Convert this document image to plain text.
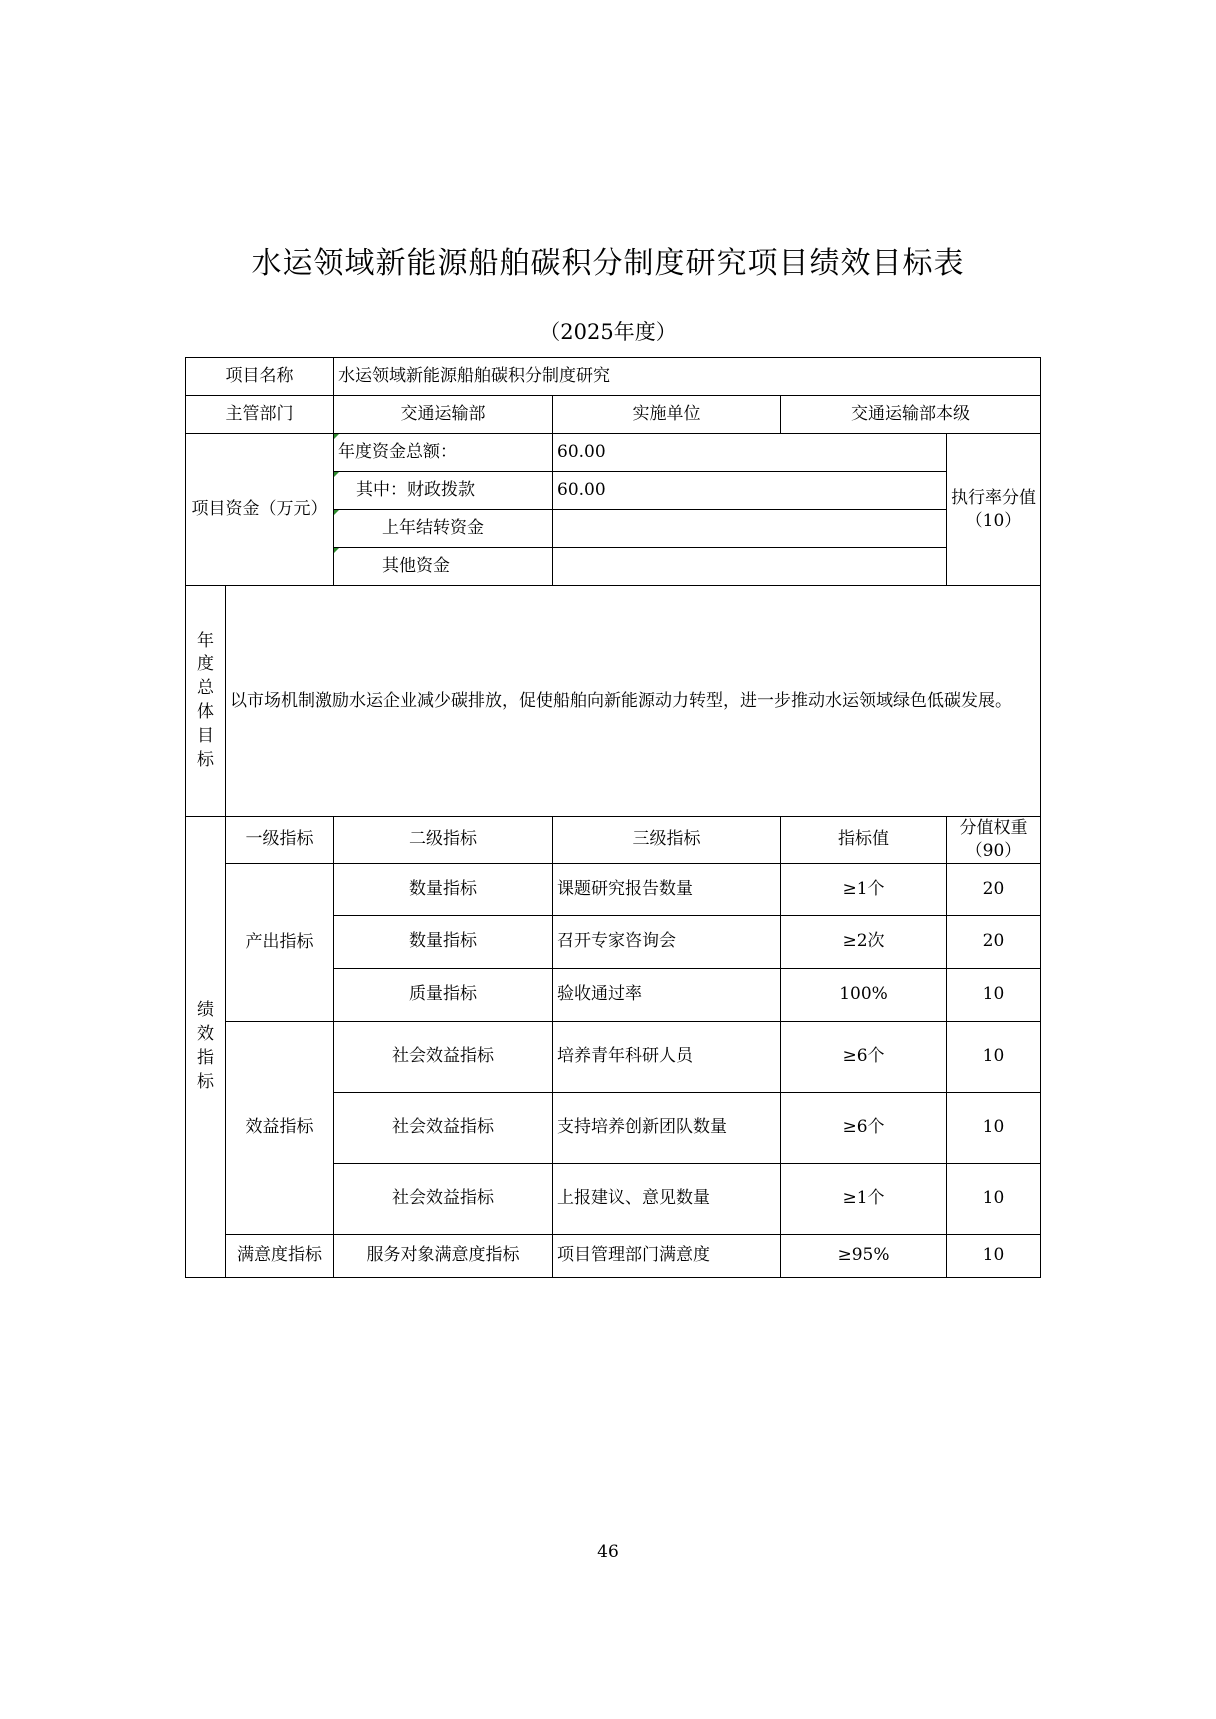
水运领域新能源船舶碳积分制度研究项目绩效目标表
（2025年度）
项目名称		水运领域新能源船舶碳积分制度研究			
主管部门		交通运输部	实施单位	交通运输部本级	
项目资金（万元）		年度资金总额：	60.00		执行率分值（10）
		其中：财政拨款	60.00		
		上年结转资金			
		其他资金			
年度总体目标	以市场机制激励水运企业减少碳排放，促使船舶向新能源动力转型，进一步推动水运领域绿色低碳发展。				
绩效指标	一级指标	二级指标	三级指标	指标值	分值权重（90）
	产出指标	数量指标	课题研究报告数量	≥1个	20
		数量指标	召开专家咨询会	≥2次	20
		质量指标	验收通过率	100%	10
	效益指标	社会效益指标	培养青年科研人员	≥6个	10
		社会效益指标	支持培养创新团队数量	≥6个	10
		社会效益指标	上报建议、意见数量	≥1个	10
	满意度指标	服务对象满意度指标	项目管理部门满意度	≥95%	10
46
